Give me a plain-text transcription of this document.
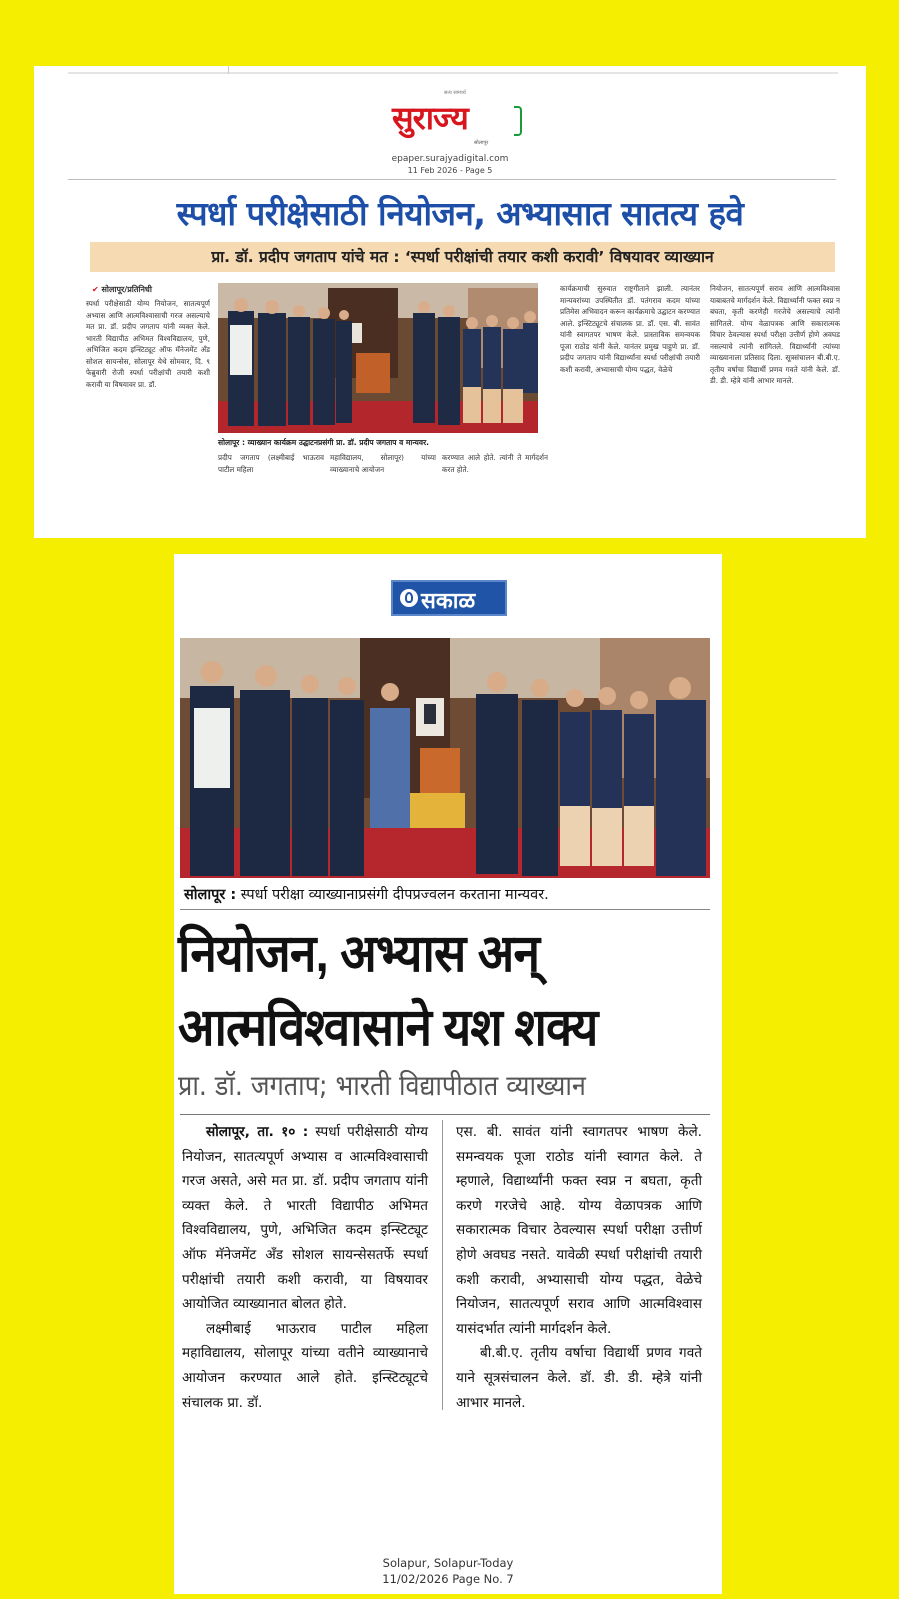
सत्य सामर्थ्य
सुराज्य
सोलापूर
epaper.surajyadigital.com
11 Feb 2026 - Page 5
स्पर्धा परीक्षेसाठी नियोजन, अभ्यासात सातत्य हवे
प्रा. डॉ. प्रदीप जगताप यांचे मत : ‘स्पर्धा परीक्षांची तयार कशी करावी’ विषयावर व्याख्यान
✔ सोलापूर/प्रतिनिधी
स्पर्धा परीक्षेसाठी योग्य नियोजन, सातत्यपूर्ण अभ्यास आणि आत्मविश्वासाची गरज असल्याचे मत प्रा. डॉ. प्रदीप जगताप यांनी व्यक्त केले. भारती विद्यापीठ अभिमत विश्वविद्यालय, पुणे, अभिजित कदम इन्स्टिट्यूट ऑफ मॅनेजमेंट अँड सोशल सायन्सेस, सोलापूर येथे सोमवार, दि. ९ फेब्रुवारी रोजी स्पर्धा परीक्षांची तयारी कशी करावी या विषयावर प्रा. डॉ.
सोलापूर : व्याख्यान कार्यक्रम उद्घाटनप्रसंगी प्रा. डॉ. प्रदीप जगताप व मान्यवर.
प्रदीप जगताप (लक्ष्मीबाई भाऊराव पाटील महिला
महाविद्यालय, सोलापूर) यांच्या व्याख्यानाचे आयोजन
करण्यात आले होते. त्यांनी ते मार्गदर्शन करत होते.
कार्यक्रमाची सुरुवात राष्ट्रगीताने झाली. त्यानंतर मान्यवरांच्या उपस्थितीत डॉ. पतंगराव कदम यांच्या प्रतिमेस अभिवादन करून कार्यक्रमाचे उद्घाटन करण्यात आले. इन्स्टिट्यूटचे संचालक प्रा. डॉ. एस. बी. सावंत यांनी स्वागतपर भाषण केले. प्रास्ताविक समन्वयक पूजा राठोड यांनी केले. यानंतर प्रमुख पाहुणे प्रा. डॉ. प्रदीप जगताप यांनी विद्यार्थ्यांना स्पर्धा परीक्षांची तयारी कशी करावी, अभ्यासाची योग्य पद्धत, वेळेचे
नियोजन, सातत्यपूर्ण सराव आणि आत्मविश्वास याबाबतचे मार्गदर्शन केले. विद्यार्थ्यांनी फक्त स्वप्न न बघता, कृती करणेही गरजेचे असल्याचे त्यांनी सांगितले. योग्य वेळापत्रक आणि सकारात्मक विचार ठेवल्यास स्पर्धा परीक्षा उत्तीर्ण होणे अवघड नसल्याचे त्यांनी सांगितले. विद्यार्थ्यांनी त्यांच्या व्याख्यानाला प्रतिसाद दिला. सूत्रसंचालन बी.बी.ए. तृतीय वर्षाचा विद्यार्थी प्रणव गवते यांनी केले. डॉ. डी. डी. म्हेत्रे यांनी आभार मानले.
सकाळ
सोलापूर : स्पर्धा परीक्षा व्याख्यानाप्रसंगी दीपप्रज्वलन करताना मान्यवर.
नियोजन, अभ्यास अन्
आत्मविश्वासाने यश शक्य
प्रा. डॉ. जगताप; भारती विद्यापीठात व्याख्यान

सोलापूर, ता. १० : स्पर्धा परीक्षेसाठी योग्य नियोजन, सातत्यपूर्ण अभ्यास व आत्मविश्वासाची गरज असते, असे मत प्रा. डॉ. प्रदीप जगताप यांनी व्यक्त केले. ते भारती विद्यापीठ अभिमत विश्वविद्यालय, पुणे, अभिजित कदम इन्स्टिट्यूट ऑफ मॅनेजमेंट अँड सोशल सायन्सेसतर्फे स्पर्धा परीक्षांची तयारी कशी करावी, या विषयावर आयोजित व्याख्यानात बोलत होते.

लक्ष्मीबाई भाऊराव पाटील महिला महाविद्यालय, सोलापूर यांच्या वतीने व्याख्यानाचे आयोजन करण्यात आले होते. इन्स्टिट्यूटचे संचालक प्रा. डॉ.

एस. बी. सावंत यांनी स्वागतपर भाषण केले. समन्वयक पूजा राठोड यांनी स्वागत केले. ते म्हणाले, विद्यार्थ्यांनी फक्त स्वप्न न बघता, कृती करणे गरजेचे आहे. योग्य वेळापत्रक आणि सकारात्मक विचार ठेवल्यास स्पर्धा परीक्षा उत्तीर्ण होणे अवघड नसते. यावेळी स्पर्धा परीक्षांची तयारी कशी करावी, अभ्यासाची योग्य पद्धत, वेळेचे नियोजन, सातत्यपूर्ण सराव आणि आत्मविश्वास यासंदर्भात त्यांनी मार्गदर्शन केले.

बी.बी.ए. तृतीय वर्षाचा विद्यार्थी प्रणव गवते याने सूत्रसंचालन केले. डॉ. डी. डी. म्हेत्रे यांनी आभार मानले.

Solapur, Solapur-Today
11/02/2026 Page No. 7
